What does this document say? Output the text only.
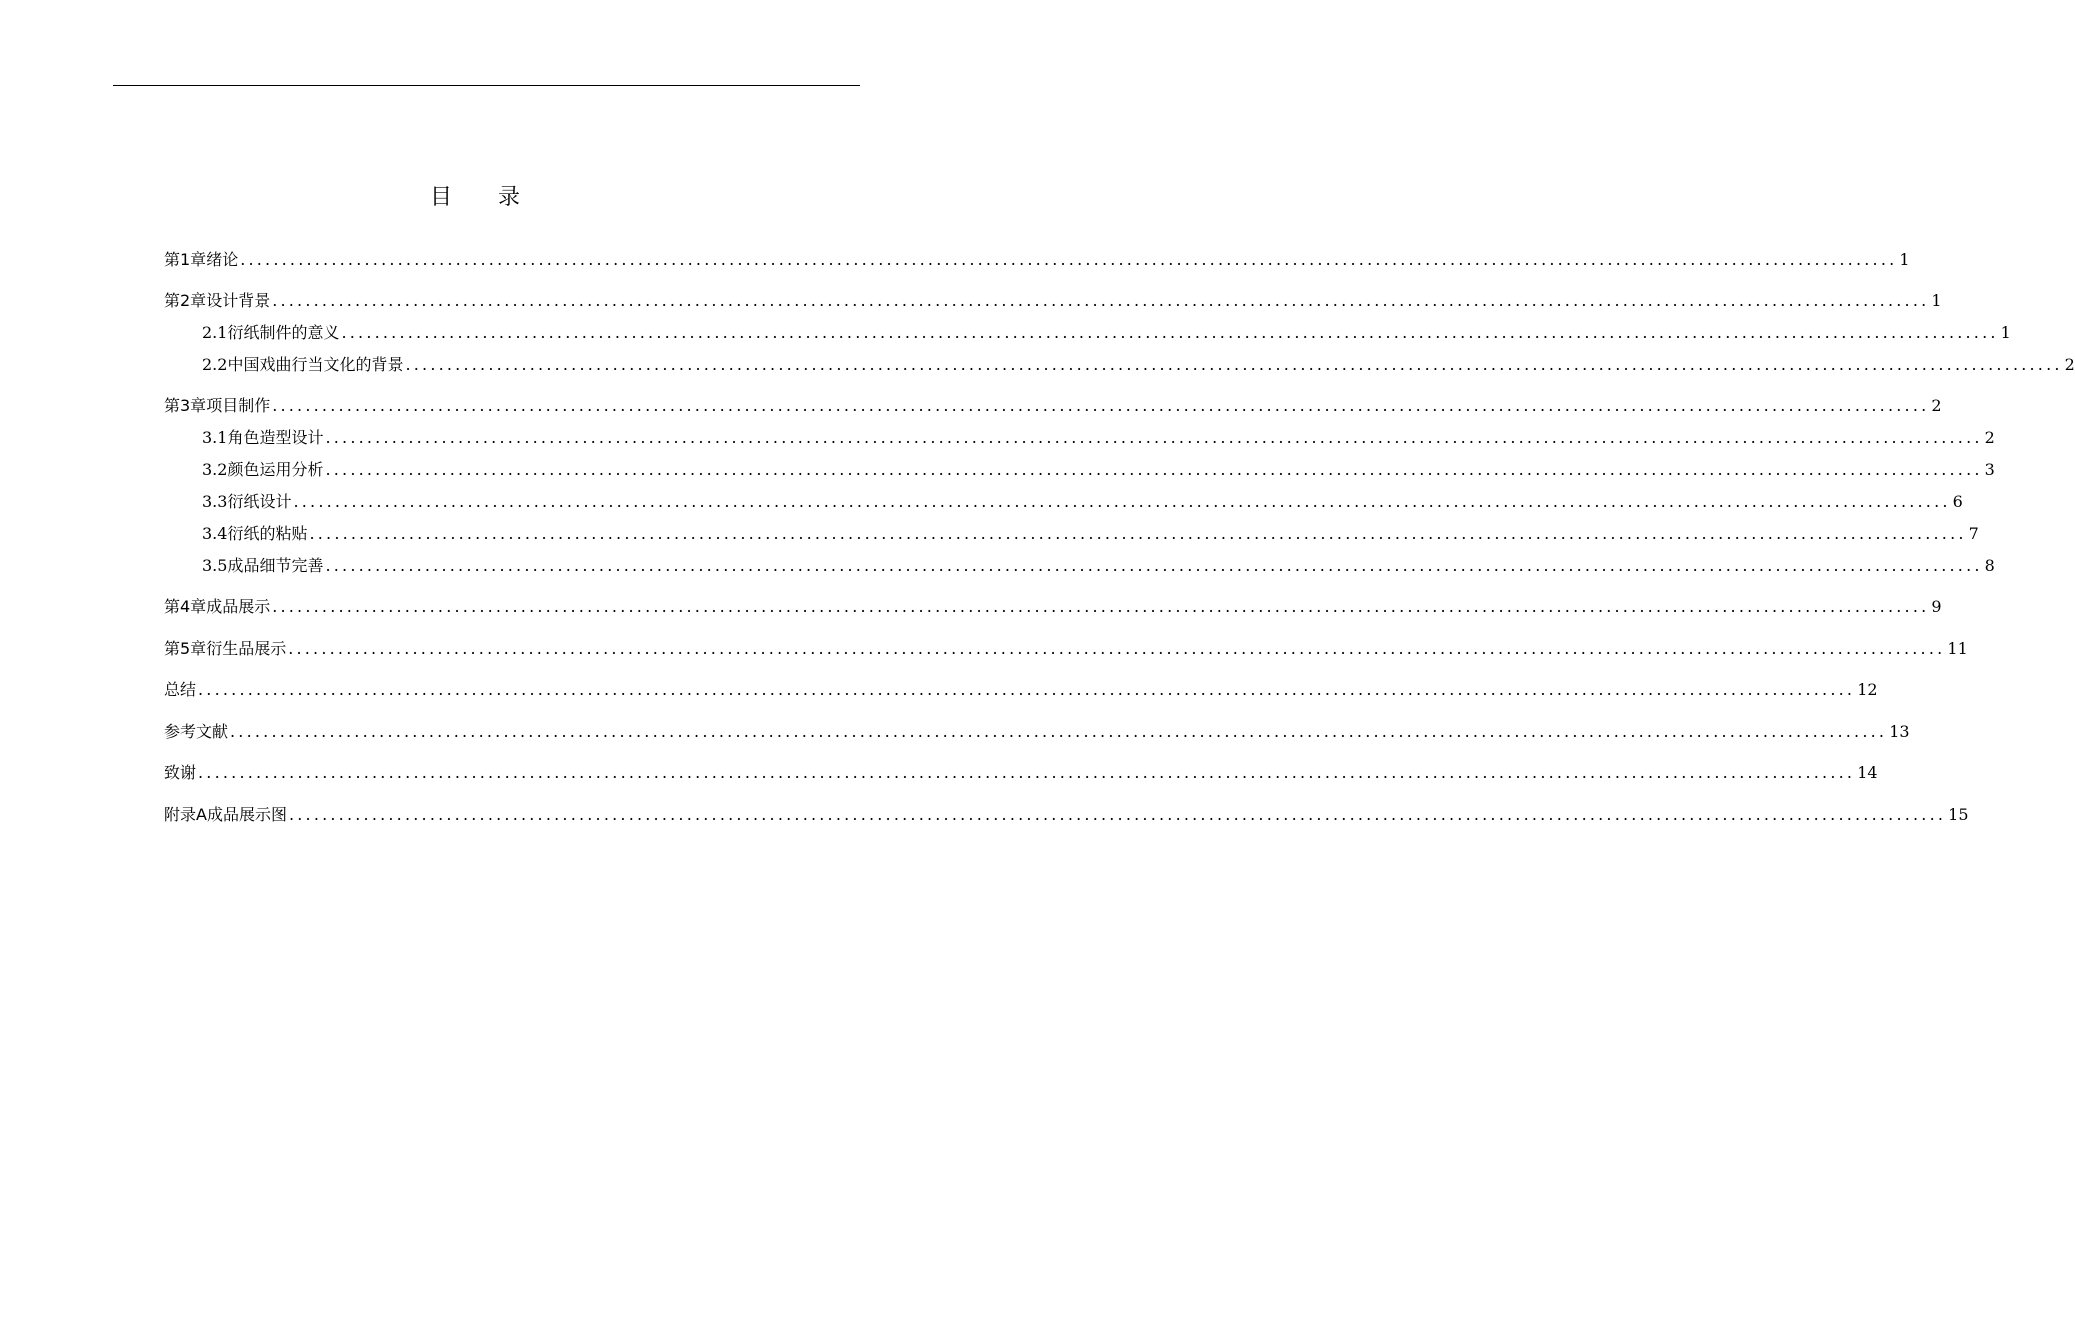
目 录
第1章 绪论 ........................................................................................................................................................................................................ 1
第2章 设计背景 ........................................................................................................................................................................................................ 1
2.1 衍纸制件的意义 ........................................................................................................................................................................................................ 1
2.2 中国戏曲行当文化的背景 ........................................................................................................................................................................................................ 2
第3章 项目制作 ........................................................................................................................................................................................................ 2
3.1 角色造型设计 ........................................................................................................................................................................................................ 2
3.2 颜色运用分析 ........................................................................................................................................................................................................ 3
3.3 衍纸设计 ........................................................................................................................................................................................................ 6
3.4 衍纸的粘贴 ........................................................................................................................................................................................................ 7
3.5 成品细节完善 ........................................................................................................................................................................................................ 8
第4章 成品展示 ........................................................................................................................................................................................................ 9
第5章 衍生品展示 ........................................................................................................................................................................................................ 11
总结 ........................................................................................................................................................................................................ 12
参考文献 ........................................................................................................................................................................................................ 13
致谢 ........................................................................................................................................................................................................ 14
附录A 成品展示图 ........................................................................................................................................................................................................ 15
